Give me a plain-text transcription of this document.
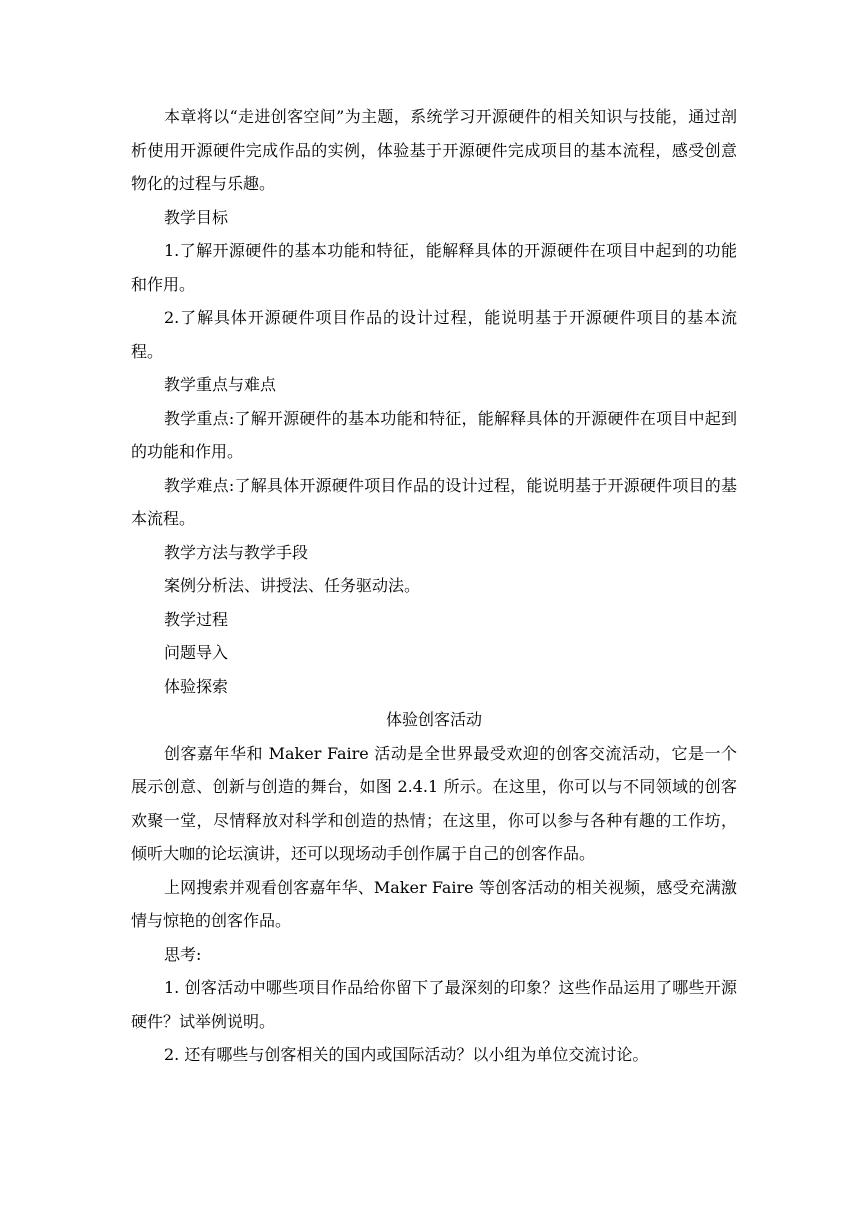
本章将以“走进创客空间”为主题，系统学习开源硬件的相关知识与技能，通过剖析使用开源硬件完成作品的实例，体验基于开源硬件完成项目的基本流程，感受创意物化的过程与乐趣。

教学目标

1.了解开源硬件的基本功能和特征，能解释具体的开源硬件在项目中起到的功能和作用。

2.了解具体开源硬件项目作品的设计过程，能说明基于开源硬件项目的基本流程。

教学重点与难点

教学重点:了解开源硬件的基本功能和特征，能解释具体的开源硬件在项目中起到的功能和作用。

教学难点:了解具体开源硬件项目作品的设计过程，能说明基于开源硬件项目的基本流程。

教学方法与教学手段

案例分析法、讲授法、任务驱动法。

教学过程

问题导入

体验探索

体验创客活动

创客嘉年华和 Maker Faire 活动是全世界最受欢迎的创客交流活动，它是一个展示创意、创新与创造的舞台，如图 2.4.1 所示。在这里，你可以与不同领域的创客欢聚一堂，尽情释放对科学和创造的热情；在这里，你可以参与各种有趣的工作坊，倾听大咖的论坛演讲，还可以现场动手创作属于自己的创客作品。

上网搜索并观看创客嘉年华、Maker Faire 等创客活动的相关视频，感受充满激情与惊艳的创客作品。

思考:

1. 创客活动中哪些项目作品给你留下了最深刻的印象？这些作品运用了哪些开源硬件？试举例说明。

2. 还有哪些与创客相关的国内或国际活动？以小组为单位交流讨论。
